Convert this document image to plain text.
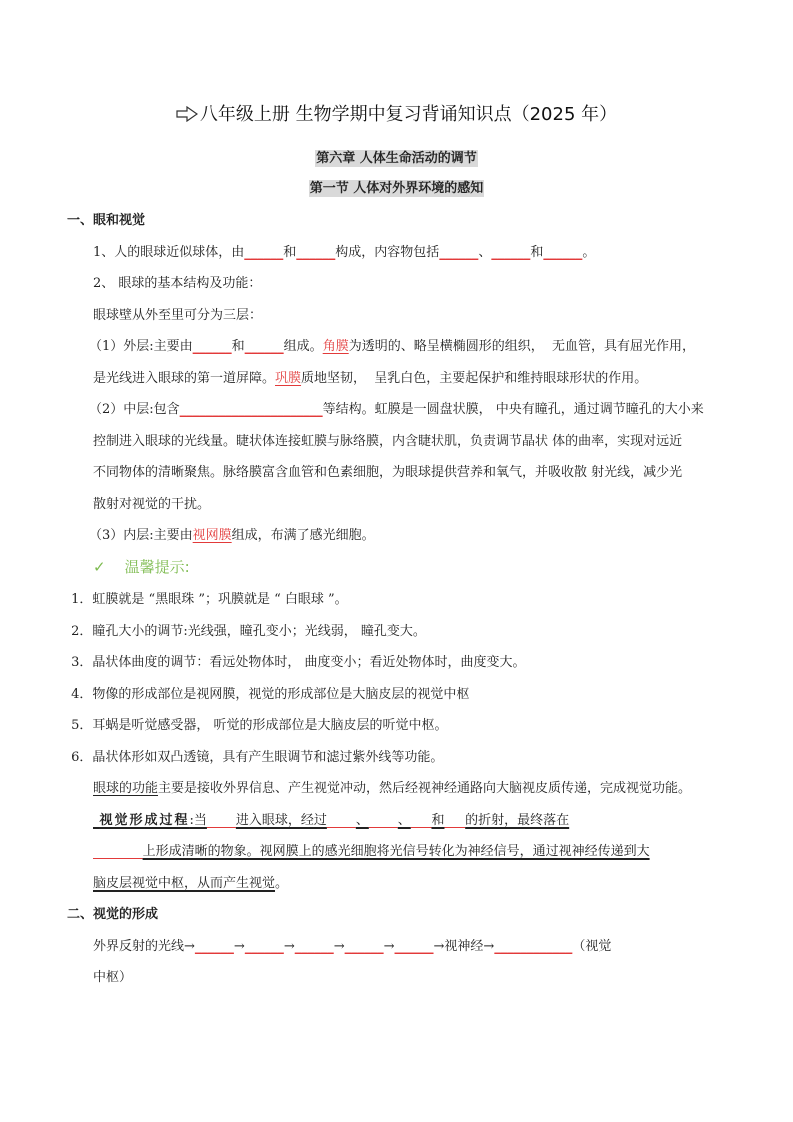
八年级上册 生物学期中复习背诵知识点（2025 年）
第六章 人体生命活动的调节
第一节 人体对外界环境的感知
一、眼和视觉
1、人的眼球近似球体，由______和______构成，内容物包括______、______和______。
2、 眼球的基本结构及功能：
眼球壁从外至里可分为三层：
（1）外层:主要由______和______组成。角膜为透明的、略呈横椭圆形的组织，  无血管，具有屈光作用，
是光线进入眼球的第一道屏障。巩膜质地坚韧，  呈乳白色，主要起保护和维持眼球形状的作用。
（2）中层:包含______________________等结构。虹膜是一圆盘状膜， 中央有瞳孔，通过调节瞳孔的大小来
控制进入眼球的光线量。睫状体连接虹膜与脉络膜，内含睫状肌，负责调节晶状 体的曲率，实现对远近
不同物体的清晰聚焦。脉络膜富含血管和色素细胞，为眼球提供营养和氧气，并吸收散 射光线，减少光
散射对视觉的干扰。
（3）内层:主要由视网膜组成，布满了感光细胞。
✓    温馨提示:
1．虹膜就是 “黑眼珠 ”；巩膜就是 “ 白眼球 ”。
2．瞳孔大小的调节:光线强，瞳孔变小；光线弱， 瞳孔变大。
3．晶状体曲度的调节：看远处物体时， 曲度变小；看近处物体时，曲度变大。
4．物像的形成部位是视网膜，视觉的形成部位是大脑皮层的视觉中枢
5．耳蜗是听觉感受器， 听觉的形成部位是大脑皮层的听觉中枢。
6．晶状体形如双凸透镜，具有产生眼调节和滤过紫外线等功能。
眼球的功能主要是接收外界信息、产生视觉冲动，然后经视神经通路向大脑视皮质传递，完成视觉功能。
视觉形成过程:当 进入眼球，经过 、 、 和 的折射，最终落在
上形成清晰的物象。视网膜上的感光细胞将光信号转化为神经信号，通过视神经传递到大
脑皮层视觉中枢，从而产生视觉。
二、视觉的形成
外界反射的光线→______→______→______→______→______→视神经→____________（视觉
中枢）
